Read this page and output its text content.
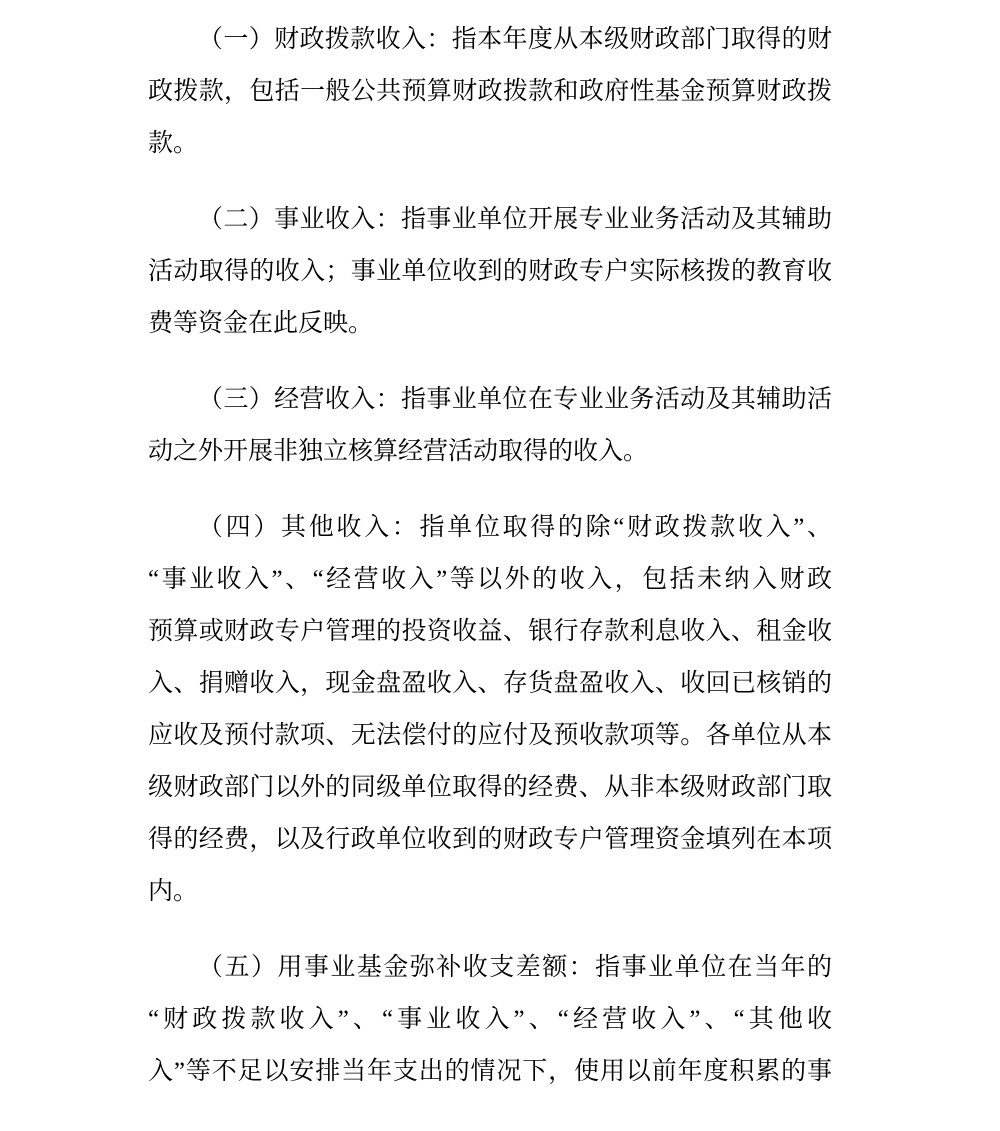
（一）财政拨款收入：指本年度从本级财政部门取得的财
政拨款，包括一般公共预算财政拨款和政府性基金预算财政拨
款。
（二）事业收入：指事业单位开展专业业务活动及其辅助
活动取得的收入；事业单位收到的财政专户实际核拨的教育收
费等资金在此反映。
（三）经营收入：指事业单位在专业业务活动及其辅助活
动之外开展非独立核算经营活动取得的收入。
（四）其他收入：指单位取得的除“财政拨款收入”、
“事业收入”、“经营收入”等以外的收入，包括未纳入财政
预算或财政专户管理的投资收益、银行存款利息收入、租金收
入、捐赠收入，现金盘盈收入、存货盘盈收入、收回已核销的
应收及预付款项、无法偿付的应付及预收款项等。各单位从本
级财政部门以外的同级单位取得的经费、从非本级财政部门取
得的经费，以及行政单位收到的财政专户管理资金填列在本项
内。
（五）用事业基金弥补收支差额：指事业单位在当年的
“财政拨款收入”、“事业收入”、“经营收入”、“其他收
入”等不足以安排当年支出的情况下，使用以前年度积累的事
